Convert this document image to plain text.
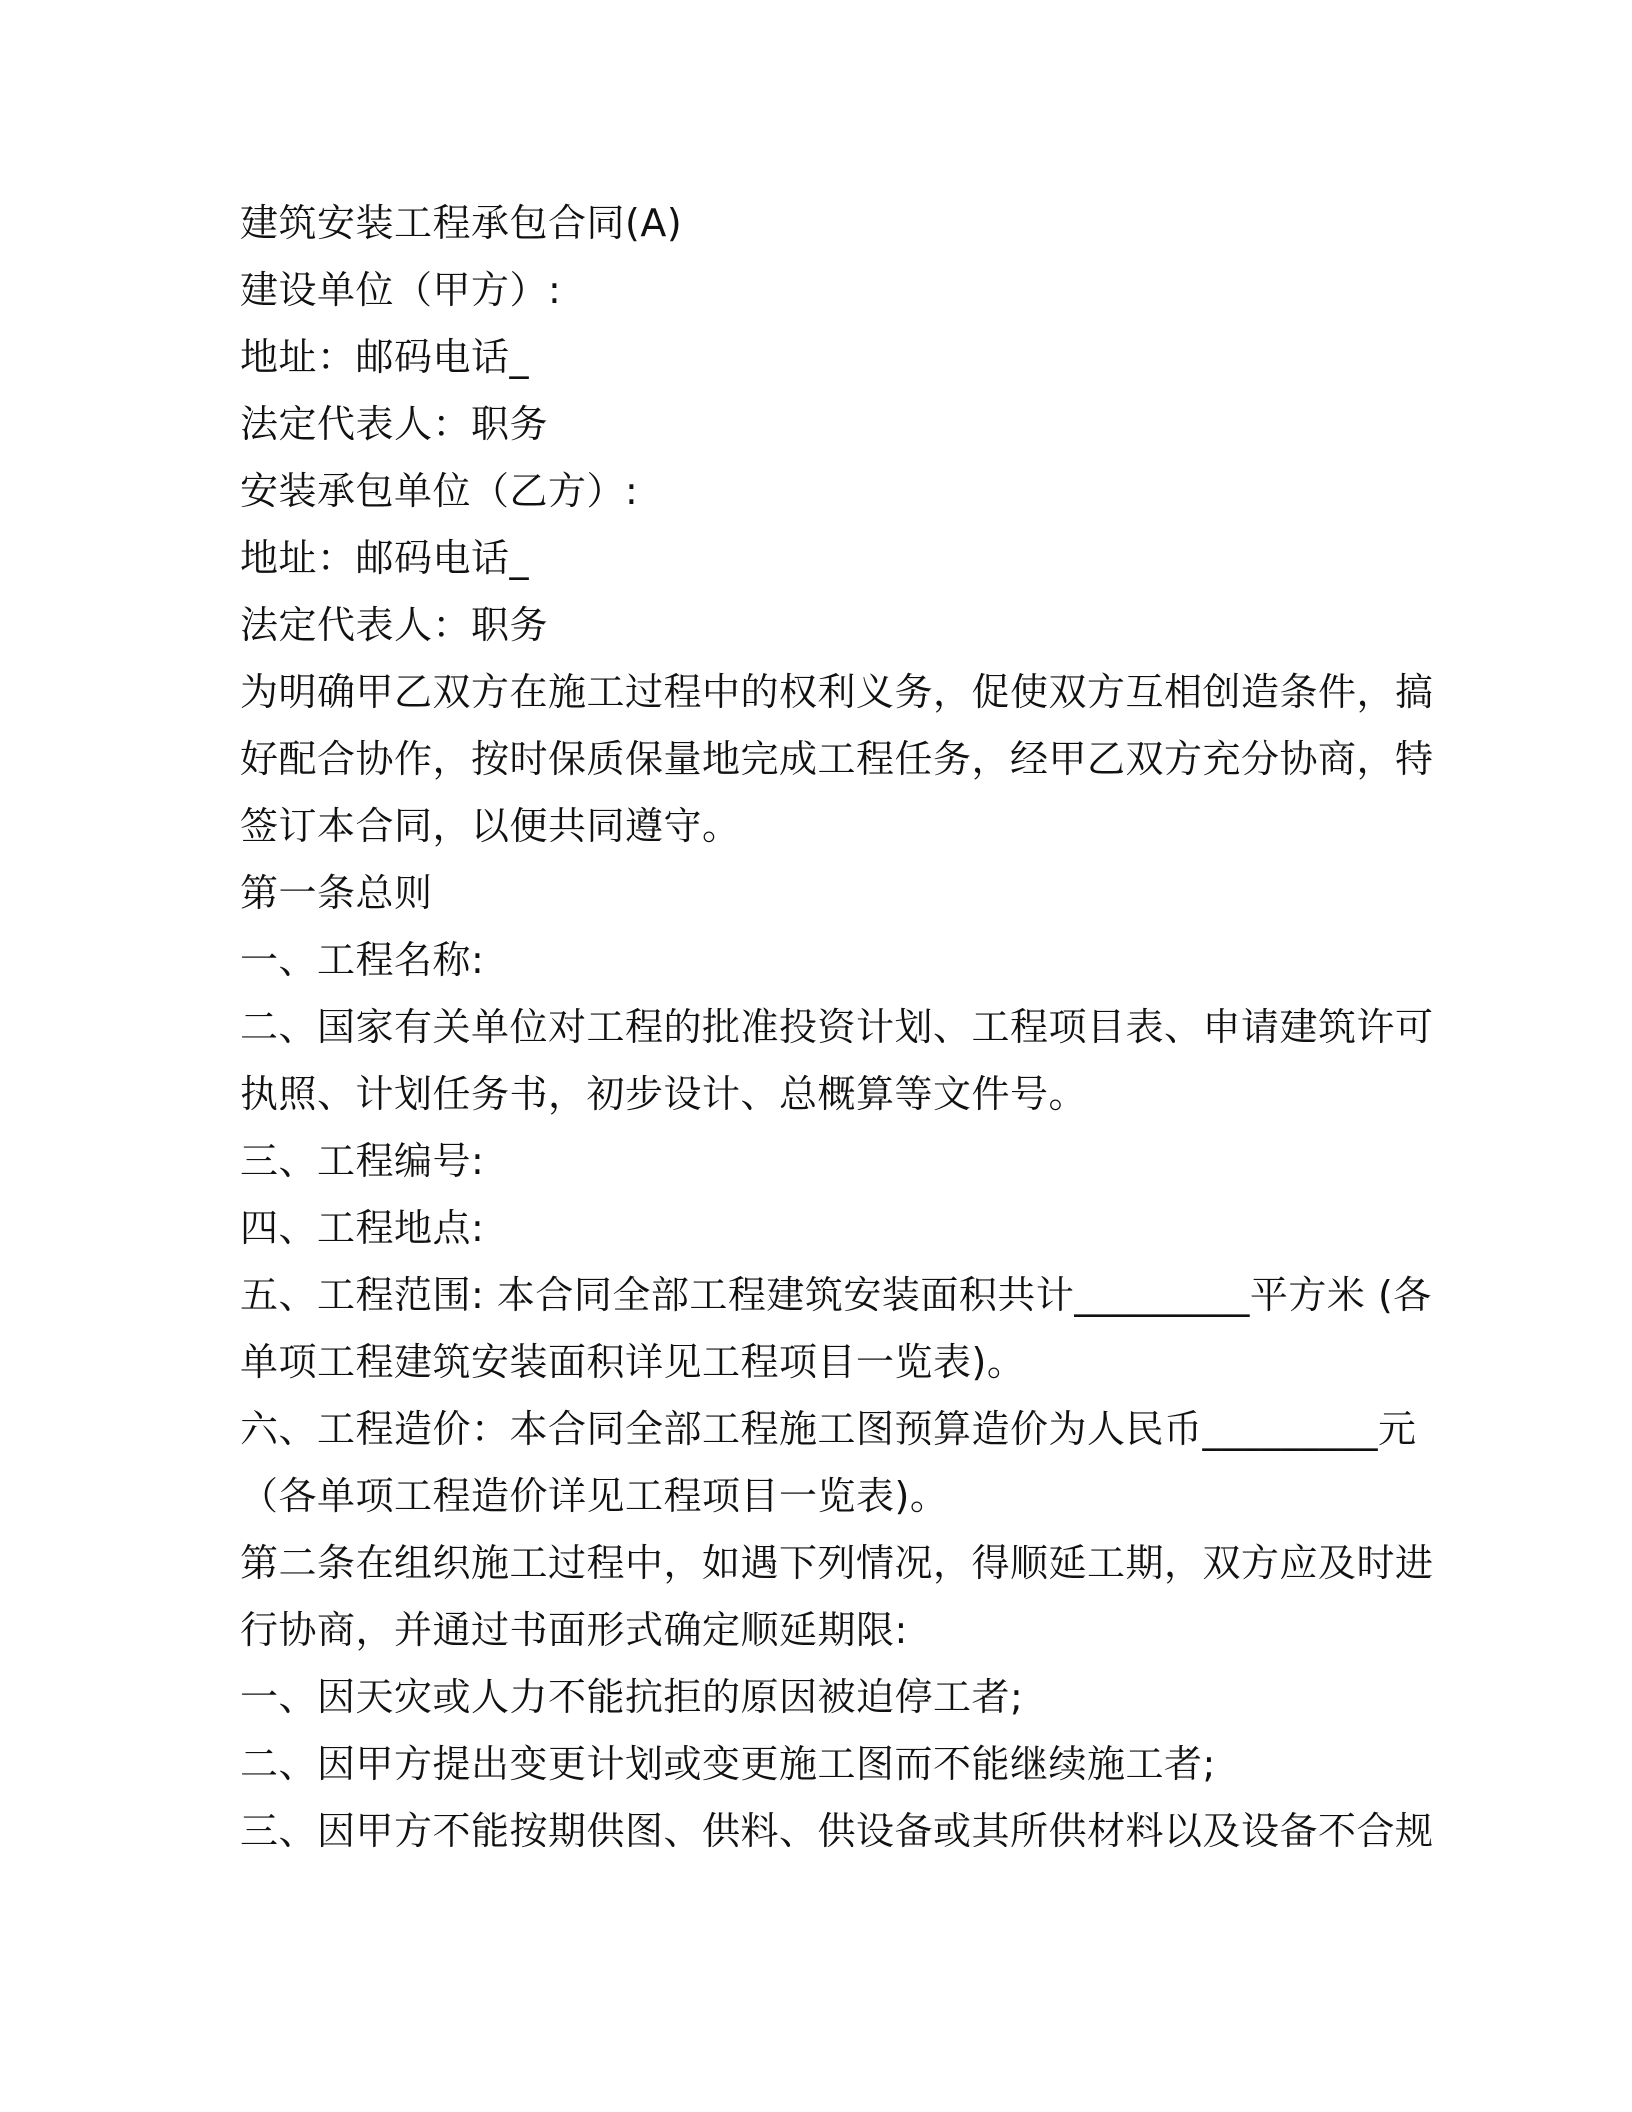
建筑安装工程承包合同(A)
建设单位（甲方）:
地址：邮码电话_
法定代表人：职务
安装承包单位（乙方）:
地址：邮码电话_
法定代表人：职务
为明确甲乙双方在施工过程中的权利义务，促使双方互相创造条件，搞
好配合协作，按时保质保量地完成工程任务，经甲乙双方充分协商，特
签订本合同，以便共同遵守。
第一条总则
一、工程名称:
二、国家有关单位对工程的批准投资计划、工程项目表、申请建筑许可
执照、计划任务书，初步设计、总概算等文件号。
三、工程编号:
四、工程地点:
五、工程范围: 本合同全部工程建筑安装面积共计_________平方米 (各
单项工程建筑安装面积详见工程项目一览表)。
六、工程造价：本合同全部工程施工图预算造价为人民币_________元
（各单项工程造价详见工程项目一览表)。
第二条在组织施工过程中，如遇下列情况，得顺延工期，双方应及时进
行协商，并通过书面形式确定顺延期限:
一、因天灾或人力不能抗拒的原因被迫停工者;
二、因甲方提出变更计划或变更施工图而不能继续施工者;
三、因甲方不能按期供图、供料、供设备或其所供材料以及设备不合规
